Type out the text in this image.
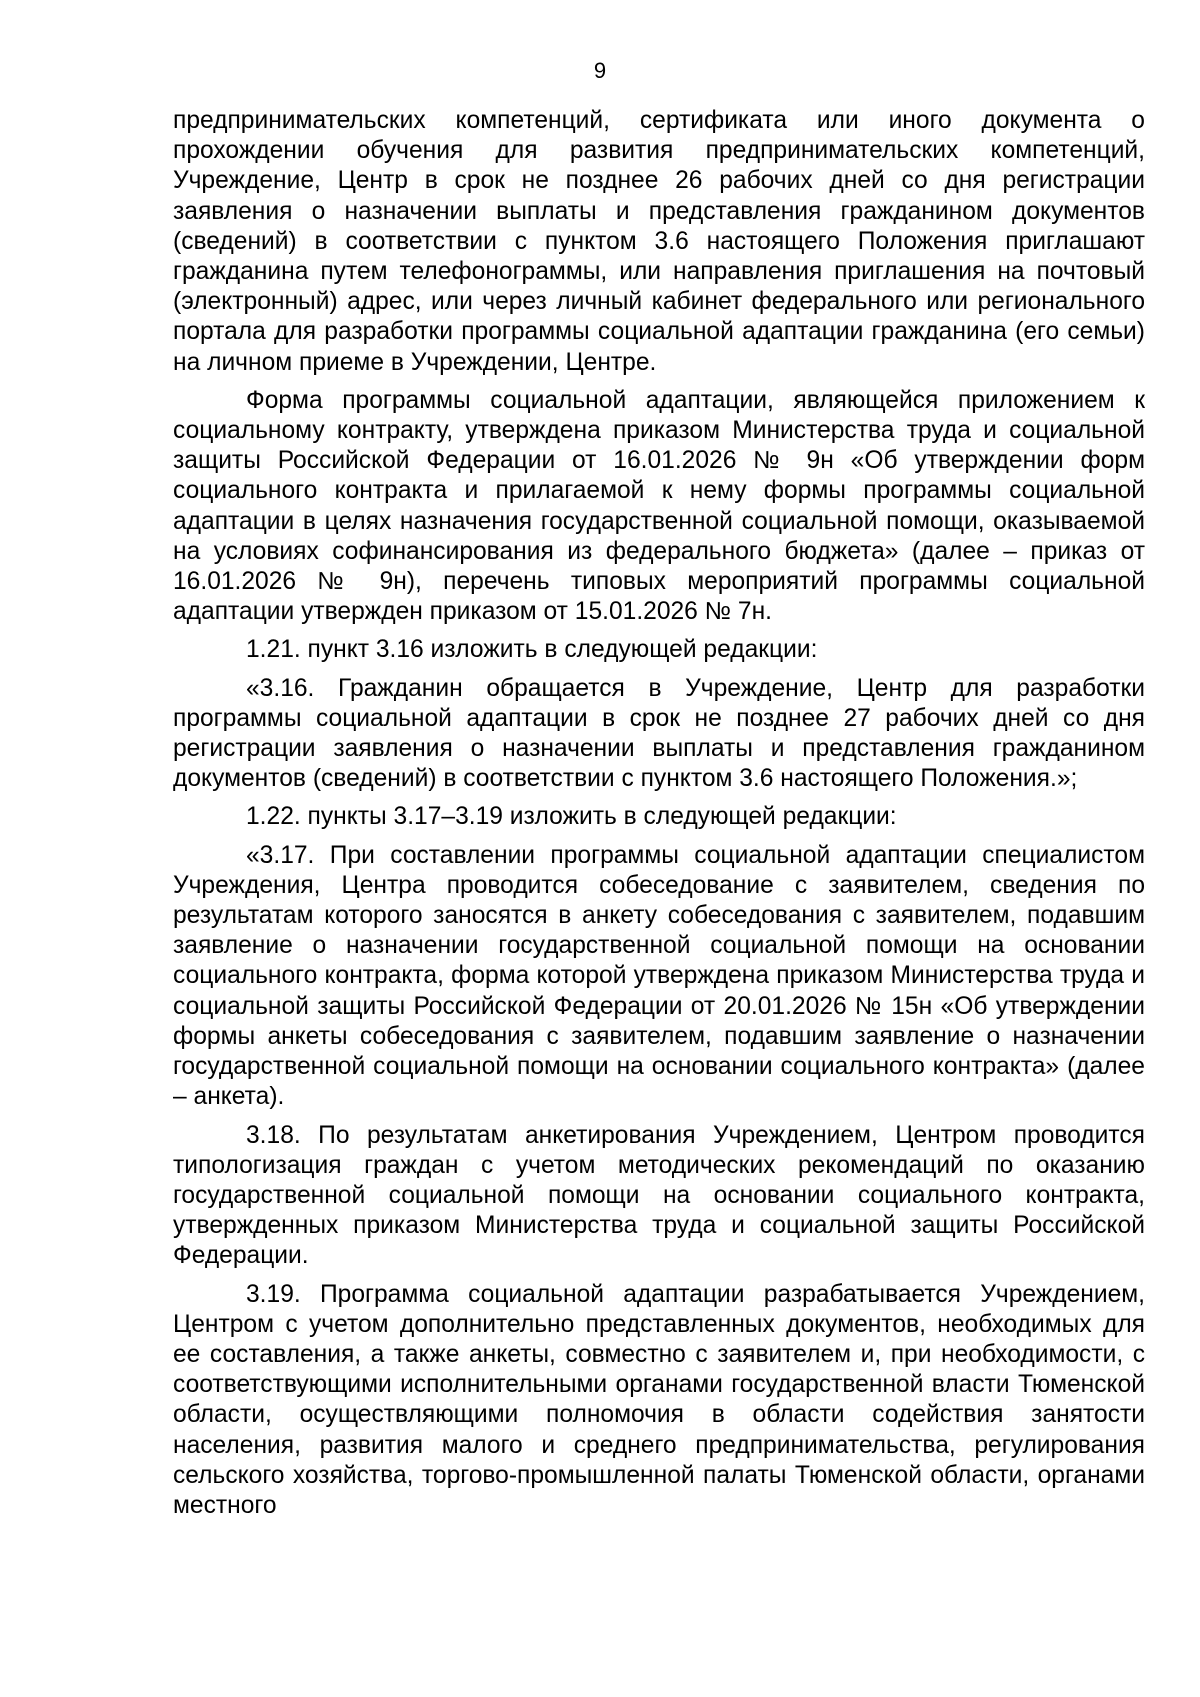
9

предпринимательских компетенций, сертификата или иного документа о прохождении обучения для развития предпринимательских компетенций, Учреждение, Центр в срок не позднее 26 рабочих дней со дня регистрации заявления о назначении выплаты и представления гражданином документов (сведений) в соответствии с пунктом 3.6 настоящего Положения приглашают гражданина путем телефонограммы, или направления приглашения на почтовый (электронный) адрес, или через личный кабинет федерального или регионального портала для разработки программы социальной адаптации гражданина (его семьи) на личном приеме в Учреждении, Центре.

Форма программы социальной адаптации, являющейся приложением к социальному контракту, утверждена приказом Министерства труда и социальной защиты Российской Федерации от 16.01.2026 № 9н «Об утверждении форм социального контракта и прилагаемой к нему формы программы социальной адаптации в целях назначения государственной социальной помощи, оказываемой на условиях софинансирования из федерального бюджета» (далее – приказ от 16.01.2026 № 9н), перечень типовых мероприятий программы социальной адаптации утвержден приказом от 15.01.2026 № 7н.

1.21. пункт 3.16 изложить в следующей редакции:

«3.16. Гражданин обращается в Учреждение, Центр для разработки программы социальной адаптации в срок не позднее 27 рабочих дней со дня регистрации заявления о назначении выплаты и представления гражданином документов (сведений) в соответствии с пунктом 3.6 настоящего Положения.»;

1.22. пункты 3.17–3.19 изложить в следующей редакции:

«3.17. При составлении программы социальной адаптации специалистом Учреждения, Центра проводится собеседование с заявителем, сведения по результатам которого заносятся в анкету собеседования с заявителем, подавшим заявление о назначении государственной социальной помощи на основании социального контракта, форма которой утверждена приказом Министерства труда и социальной защиты Российской Федерации от 20.01.2026 № 15н «Об утверждении формы анкеты собеседования с заявителем, подавшим заявление о назначении государственной социальной помощи на основании социального контракта» (далее – анкета).

3.18. По результатам анкетирования Учреждением, Центром проводится типологизация граждан с учетом методических рекомендаций по оказанию государственной социальной помощи на основании социального контракта, утвержденных приказом Министерства труда и социальной защиты Российской Федерации.

3.19. Программа социальной адаптации разрабатывается Учреждением, Центром с учетом дополнительно представленных документов, необходимых для ее составления, а также анкеты, совместно с заявителем и, при необходимости, с соответствующими исполнительными органами государственной власти Тюменской области, осуществляющими полномочия в области содействия занятости населения, развития малого и среднего предпринимательства, регулирования сельского хозяйства, торгово-промышленной палаты Тюменской области, органами местного
